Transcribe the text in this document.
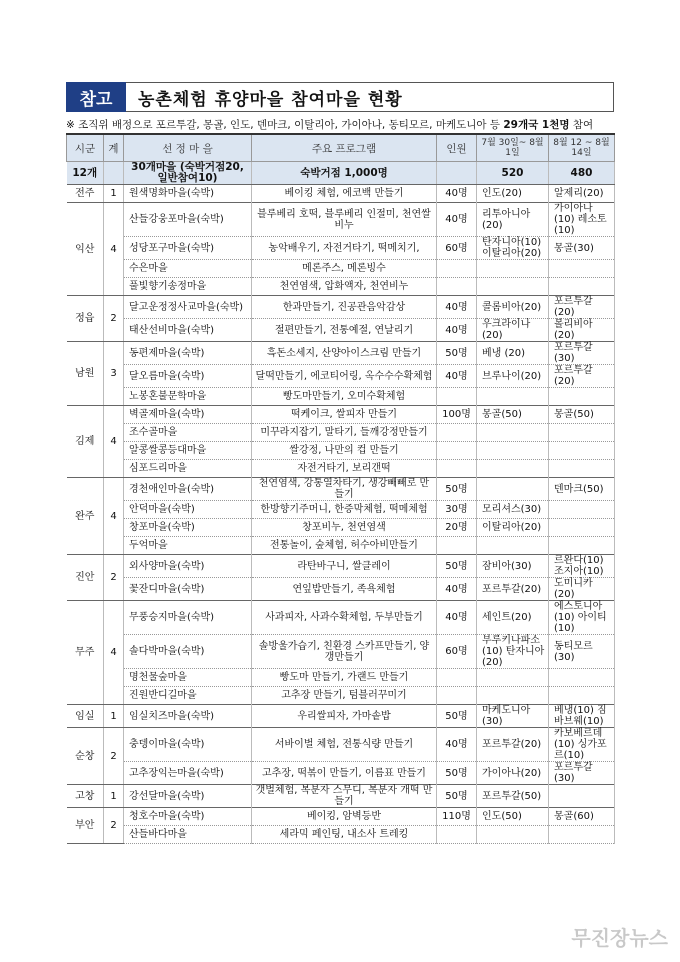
참고	농촌체험 휴양마을 참여마을 현황
※ 조직위 배정으로 포르투갈, 몽골, 인도, 덴마크, 이탈리아, 가이아나, 동티모르, 마케도니아 등 29개국 1천명 참여
시군	계	선 정 마 을	주요 프로그램	인원	7월 30일~ 8월 1일	8월 12 ~ 8월 14일
12개		30개마을 (숙박거점20, 일반참여10)	숙박거점 1,000명		520	480
전주	1	원색명화마을(숙박)	베이킹 체험, 에코백 만들기	40명	인도(20)	알제리(20)
익산	4	산들강웅포마을(숙박)	블루베리 호떡, 블루베리 인절미, 천연쌀비누	40명	리투아니아(20)	가이아나(10) 레소토(10)
		성당포구마을(숙박)	농악배우기, 자전거타기, 떡메치기,	60명	탄자니아(10) 이탈리아(20)	몽골(30)
		수은마을	메론주스, 메론빙수			
		풀빛향기송정마을	천연염색, 압화액자, 천연비누			
정읍	2	달고운정정사교마을(숙박)	한과만들기, 진공관음악감상	40명	콜롬비아(20)	포르투갈(20)
		태산선비마을(숙박)	절편만들기, 전통예절, 연날리기	40명	우크라이나(20)	볼리비아(20)
남원	3	동편제마을(숙박)	흑돈소세지, 산양아이스크림 만들기	50명	베냉 (20)	포르투갈(30)
		달오름마을(숙박)	달떡만들기, 에코티어링, 옥수수수확체험	40명	브루나이(20)	포르투갈(20)
		노봉혼불문학마을	빵도마만들기, 오미수확체험			
김제	4	벽골제마을(숙박)	떡케이크, 쌀피자 만들기	100명	몽골(50)	몽골(50)
		조수골마을	미꾸라지잡기, 말타기, 들깨강정만들기			
		알콩쌀콩등대마을	쌀강정, 나만의 컵 만들기			
		심포드리마을	자전거타기, 보리갠떡			
완주	4	경천애인마을(숙박)	천연염색, 강통열차타기, 생강빼빼로 만들기	50명		덴마크(50)
		안덕마을(숙박)	한방향기주머니, 한증막체험, 떡메체험	30명	모리셔스(30)	
		창포마을(숙박)	창포비누, 천연염색	20명	이탈리아(20)	
		두억마을	전통놀이, 숲체험, 허수아비만들기			
진안	2	외사양마을(숙박)	라탄바구니, 쌀클레이	50명	잠비아(30)	르완다(10) 조지아(10)
		꽃잔디마을(숙박)	연잎밥만들기, 족욕체험	40명	포르투갈(20)	도미니카(20)
무주	4	무풍승지마을(숙박)	사과피자, 사과수확체험, 두부만들기	40명	세인트(20)	에스토니아(10) 아이티(10)
		솔다박마을(숙박)	솔방울가습기, 친환경 스카프만들기, 양갱만들기	60명	부루키나파소(10) 탄자니아(20)	동티모르(30)
		명천물숲마을	빵도마 만들기, 가랜드 만들기			
		진원반디길마을	고추장 만들기, 텀블러꾸미기			
임실	1	임실치즈마을(숙박)	우리쌀피자, 가마솥밥	50명	마케도니아(30)	베냉(10) 짐바브웨(10)
순창	2	충뎅이마을(숙박)	서바이벌 체험, 전통식량 만들기	40명	포르투갈(20)	카보베르데(10) 싱가포르(10)
		고추장익는마을(숙박)	고추장, 떡볶이 만들기, 이름표 만들기	50명	가이아나(20)	포르투갈(30)
고창	1	강선달마을(숙박)	갯벌체험, 복분자 스무디, 복분자 개떡 만들기	50명	포르투갈(50)	
부안	2	청호수마을(숙박)	베이킹, 암벽등반	110명	인도(50)	몽골(60)
		산들바다마을	세라믹 페인팅, 내소사 트레킹			
무진장뉴스
